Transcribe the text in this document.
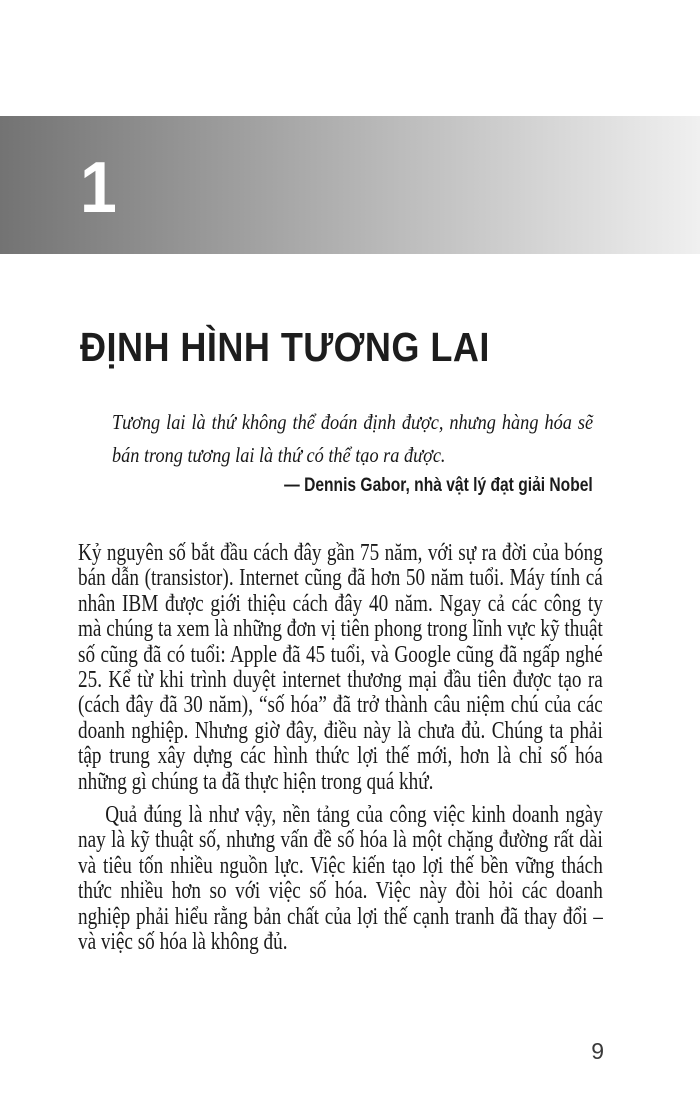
1
ĐỊNH HÌNH TƯƠNG LAI

Tương lai là thứ không thể đoán định được, nhưng hàng hóa sẽ bán trong tương lai là thứ có thể tạo ra được.

— Dennis Gabor, nhà vật lý đạt giải Nobel

Kỷ nguyên số bắt đầu cách đây gần 75 năm, với sự ra đời của bóng bán dẫn (transistor). Internet cũng đã hơn 50 năm tuổi. Máy tính cá nhân IBM được giới thiệu cách đây 40 năm. Ngay cả các công ty mà chúng ta xem là những đơn vị tiên phong trong lĩnh vực kỹ thuật số cũng đã có tuổi: Apple đã 45 tuổi, và Google cũng đã ngấp nghé 25. Kể từ khi trình duyệt internet thương mại đầu tiên được tạo ra (cách đây đã 30 năm), “số hóa” đã trở thành câu niệm chú của các doanh nghiệp. Nhưng giờ đây, điều này là chưa đủ. Chúng ta phải tập trung xây dựng các hình thức lợi thế mới, hơn là chỉ số hóa những gì chúng ta đã thực hiện trong quá khứ.

Quả đúng là như vậy, nền tảng của công việc kinh doanh ngày nay là kỹ thuật số, nhưng vấn đề số hóa là một chặng đường rất dài và tiêu tốn nhiều nguồn lực. Việc kiến tạo lợi thế bền vững thách thức nhiều hơn so với việc số hóa. Việc này đòi hỏi các doanh nghiệp phải hiểu rằng bản chất của lợi thế cạnh tranh đã thay đổi – và việc số hóa là không đủ.

9
